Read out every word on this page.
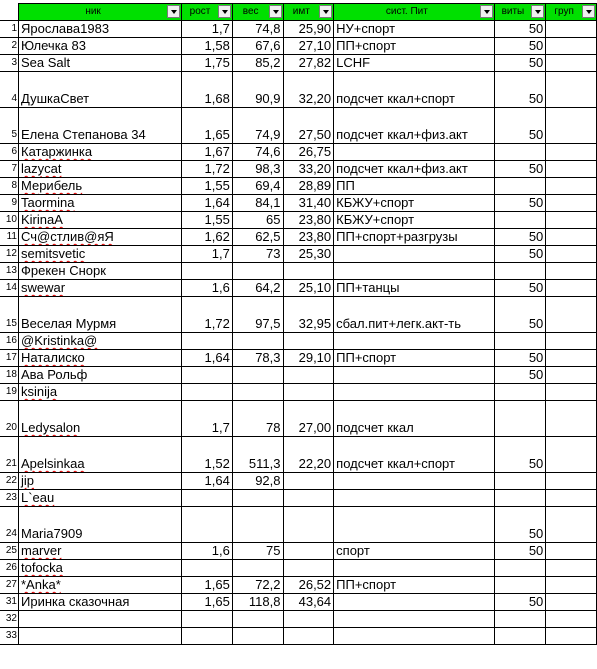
	ник	рост	вес	имт	сист. Пит	виты	груп

1	Ярослава1983	1,7	74,8	25,90	НУ+спорт	50	
2	Юлечка 83	1,58	67,6	27,10	ПП+спорт	50	
3	Sea Salt	1,75	85,2	27,82	LCHF	50	
4	ДушкаСвет	1,68	90,9	32,20	подсчет ккал+спорт	50	
5	Елена Степанова 34	1,65	74,9	27,50	подсчет ккал+физ.акт	50	
6	Катаржинка	1,67	74,6	26,75			
7	lazycat	1,72	98,3	33,20	подсчет ккал+физ.акт	50	
8	Мерибель	1,55	69,4	28,89	ПП		
9	Taormina	1,64	84,1	31,40	КБЖУ+спорт	50	
10	KirinaA	1,55	65	23,80	КБЖУ+спорт		
11	Сч@стлив@яЯ	1,62	62,5	23,80	ПП+спорт+разгрузы	50	
12	semitsvetic	1,7	73	25,30		50	
13	Фрекен Снорк						
14	swewar	1,6	64,2	25,10	ПП+танцы	50	
15	Веселая Мурмя	1,72	97,5	32,95	сбал.пит+легк.акт-ть	50	
16	@Kristinka@						
17	Наталиско	1,64	78,3	29,10	ПП+спорт	50	
18	Ава Рольф					50	
19	ksinija						
20	Ledysalon	1,7	78	27,00	подсчет ккал		
21	Apelsinkaa	1,52	511,3	22,20	подсчет ккал+спорт	50	
22	jip	1,64	92,8				
23	L`eau						
24	Maria7909					50	
25	marver	1,6	75		спорт	50	
26	tofocka						
27	*Anka*	1,65	72,2	26,52	ПП+спорт		
31	Иринка сказочная	1,65	118,8	43,64		50	
32							
33							
